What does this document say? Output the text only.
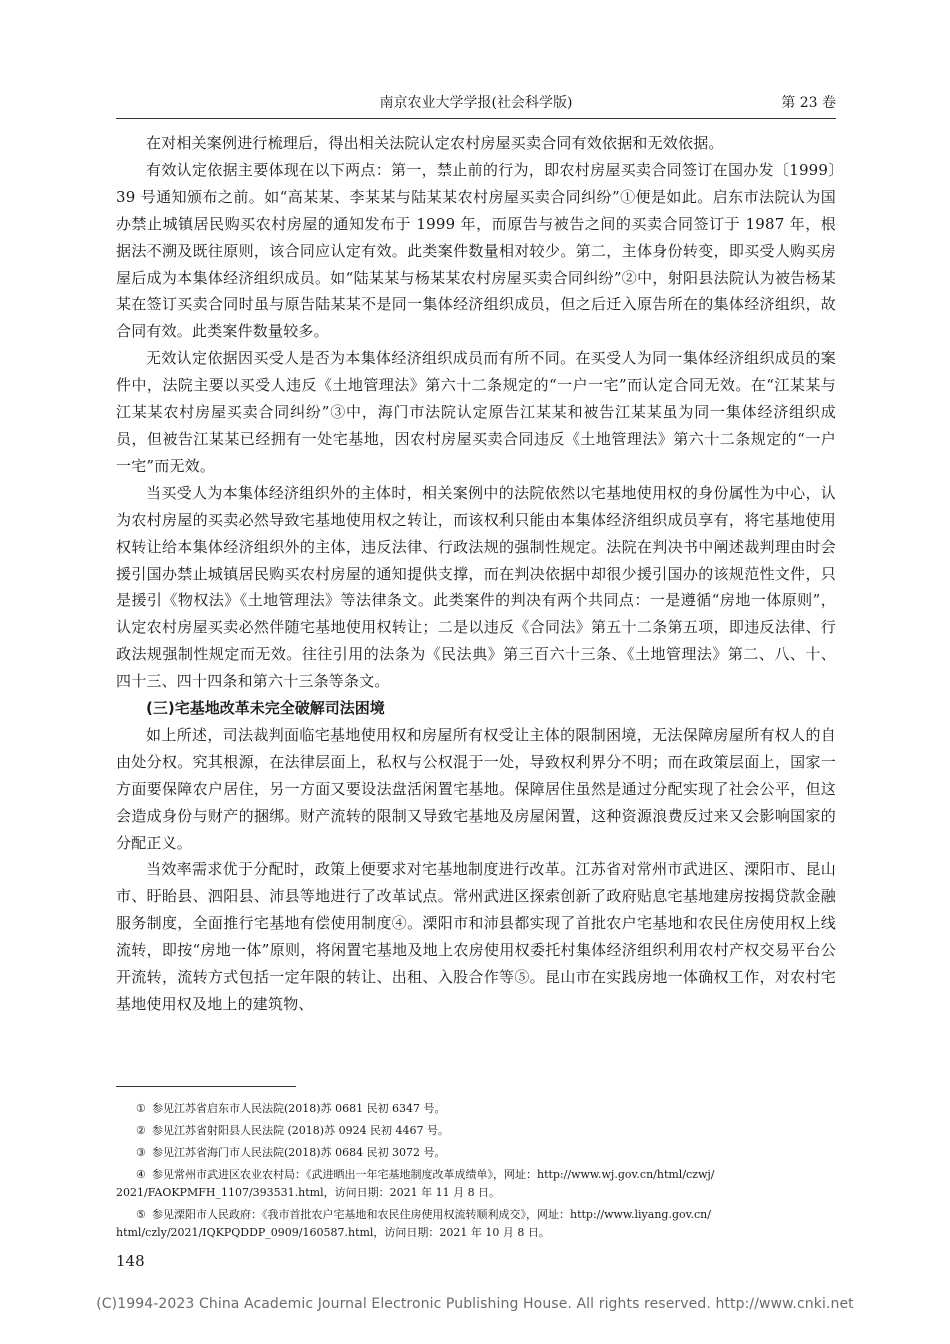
南京农业大学学报(社会科学版)	第 23 卷

在对相关案例进行梳理后，得出相关法院认定农村房屋买卖合同有效依据和无效依据。

有效认定依据主要体现在以下两点：第一，禁止前的行为，即农村房屋买卖合同签订在国办发〔1999〕39 号通知颁布之前。如“高某某、李某某与陆某某农村房屋买卖合同纠纷”①便是如此。启东市法院认为国办禁止城镇居民购买农村房屋的通知发布于 1999 年，而原告与被告之间的买卖合同签订于 1987 年，根据法不溯及既往原则，该合同应认定有效。此类案件数量相对较少。第二，主体身份转变，即买受人购买房屋后成为本集体经济组织成员。如“陆某某与杨某某农村房屋买卖合同纠纷”②中，射阳县法院认为被告杨某某在签订买卖合同时虽与原告陆某某不是同一集体经济组织成员，但之后迁入原告所在的集体经济组织，故合同有效。此类案件数量较多。

无效认定依据因买受人是否为本集体经济组织成员而有所不同。在买受人为同一集体经济组织成员的案件中，法院主要以买受人违反《土地管理法》第六十二条规定的“一户一宅”而认定合同无效。在“江某某与江某某农村房屋买卖合同纠纷”③中，海门市法院认定原告江某某和被告江某某虽为同一集体经济组织成员，但被告江某某已经拥有一处宅基地，因农村房屋买卖合同违反《土地管理法》第六十二条规定的“一户一宅”而无效。

当买受人为本集体经济组织外的主体时，相关案例中的法院依然以宅基地使用权的身份属性为中心，认为农村房屋的买卖必然导致宅基地使用权之转让，而该权利只能由本集体经济组织成员享有，将宅基地使用权转让给本集体经济组织外的主体，违反法律、行政法规的强制性规定。法院在判决书中阐述裁判理由时会援引国办禁止城镇居民购买农村房屋的通知提供支撑，而在判决依据中却很少援引国办的该规范性文件，只是援引《物权法》《土地管理法》等法律条文。此类案件的判决有两个共同点：一是遵循“房地一体原则”，认定农村房屋买卖必然伴随宅基地使用权转让；二是以违反《合同法》第五十二条第五项，即违反法律、行政法规强制性规定而无效。往往引用的法条为《民法典》第三百六十三条、《土地管理法》第二、八、十、四十三、四十四条和第六十三条等条文。

(三)宅基地改革未完全破解司法困境

如上所述，司法裁判面临宅基地使用权和房屋所有权受让主体的限制困境，无法保障房屋所有权人的自由处分权。究其根源，在法律层面上，私权与公权混于一处，导致权利界分不明；而在政策层面上，国家一方面要保障农户居住，另一方面又要设法盘活闲置宅基地。保障居住虽然是通过分配实现了社会公平，但这会造成身份与财产的捆绑。财产流转的限制又导致宅基地及房屋闲置，这种资源浪费反过来又会影响国家的分配正义。

当效率需求优于分配时，政策上便要求对宅基地制度进行改革。江苏省对常州市武进区、溧阳市、昆山市、盱眙县、泗阳县、沛县等地进行了改革试点。常州武进区探索创新了政府贴息宅基地建房按揭贷款金融服务制度，全面推行宅基地有偿使用制度④。溧阳市和沛县都实现了首批农户宅基地和农民住房使用权上线流转，即按“房地一体”原则，将闲置宅基地及地上农房使用权委托村集体经济组织利用农村产权交易平台公开流转，流转方式包括一定年限的转让、出租、入股合作等⑤。昆山市在实践房地一体确权工作，对农村宅基地使用权及地上的建筑物、

① 参见江苏省启东市人民法院(2018)苏 0681 民初 6347 号。

② 参见江苏省射阳县人民法院 (2018)苏 0924 民初 4467 号。

③ 参见江苏省海门市人民法院(2018)苏 0684 民初 3072 号。

④ 参见常州市武进区农业农村局：《武进晒出一年宅基地制度改革成绩单》，网址：http://www.wj.gov.cn/html/czwj/

2021/FAOKPMFH_1107/393531.html，访问日期：2021 年 11 月 8 日。

⑤ 参见溧阳市人民政府：《我市首批农户宅基地和农民住房使用权流转顺利成交》，网址：http://www.liyang.gov.cn/

html/czly/2021/IQKPQDDP_0909/160587.html，访问日期：2021 年 10 月 8 日。

148
(C)1994-2023 China Academic Journal Electronic Publishing House. All rights reserved. http://www.cnki.net
